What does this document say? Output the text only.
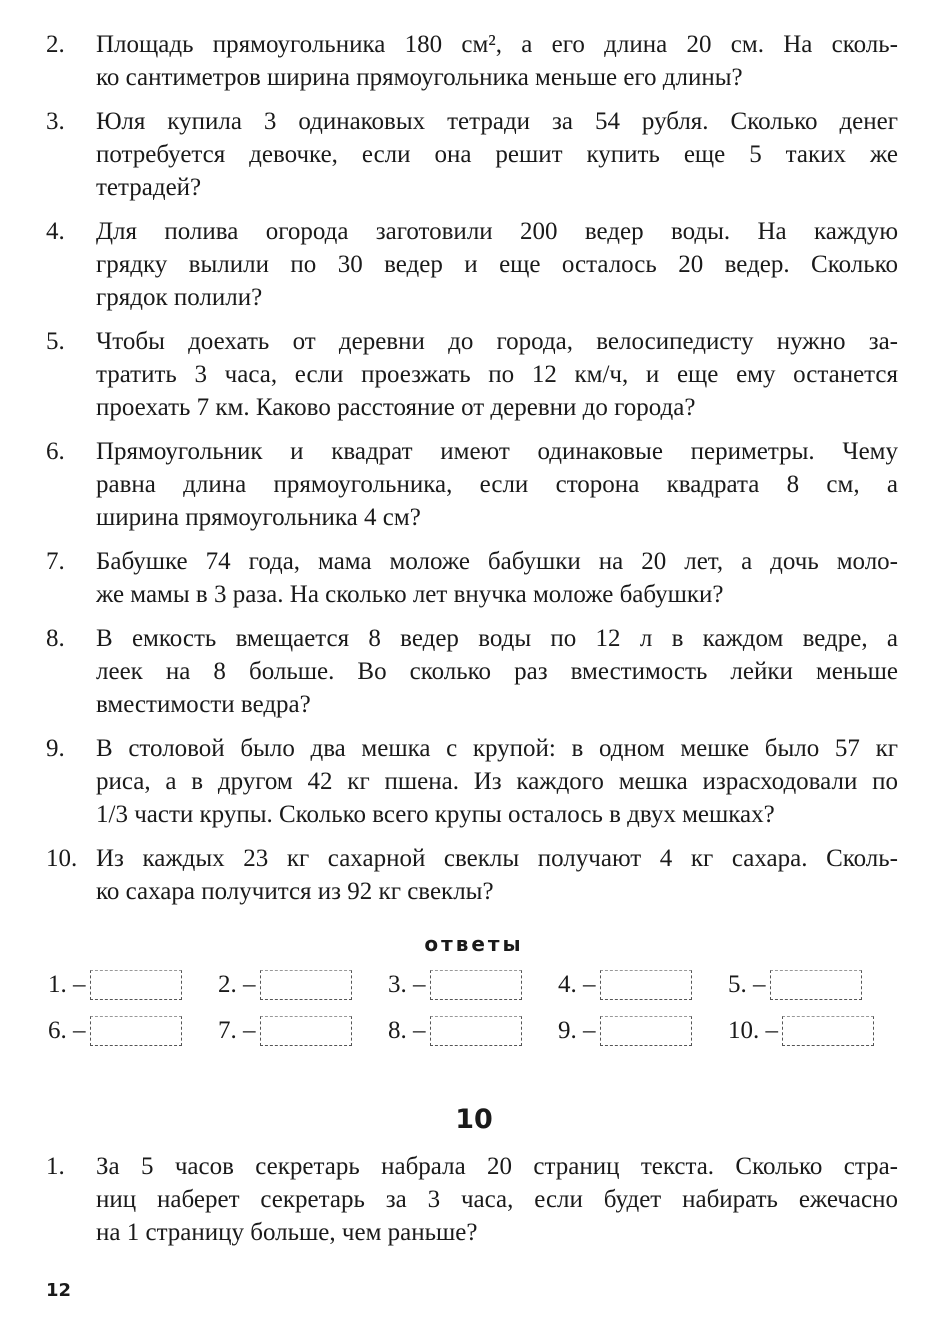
2.	Площадь прямоугольника 180 см², а его длина 20 см. На сколь-
ко сантиметров ширина прямоугольника меньше его длины?
3.	Юля купила 3 одинаковых тетради за 54 рубля. Сколько денег
потребуется девочке, если она решит купить еще 5 таких же
тетрадей?
4.	Для полива огорода заготовили 200 ведер воды. На каждую
грядку вылили по 30 ведер и еще осталось 20 ведер. Сколько
грядок полили?
5.	Чтобы доехать от деревни до города, велосипедисту нужно за-
тратить 3 часа, если проезжать по 12 км/ч, и еще ему останется
проехать 7 км. Каково расстояние от деревни до города?
6.	Прямоугольник и квадрат имеют одинаковые периметры. Чему
равна длина прямоугольника, если сторона квадрата 8 см, а
ширина прямоугольника 4 см?
7.	Бабушке 74 года, мама моложе бабушки на 20 лет, а дочь моло-
же мамы в 3 раза. На сколько лет внучка моложе бабушки?
8.	В емкость вмещается 8 ведер воды по 12 л в каждом ведре, а
леек на 8 больше. Во сколько раз вместимость лейки меньше
вместимости ведра?
9.	В столовой было два мешка с крупой: в одном мешке было 57 кг
риса, а в другом 42 кг пшена. Из каждого мешка израсходовали по
1/3 части крупы. Сколько всего крупы осталось в двух мешках?
10. Из каждых 23 кг сахарной свеклы получают 4 кг сахара. Сколь-
ко сахара получится из 92 кг свеклы?
ответы
1. –	2. –	3. –	4. –	5. –
6. –	7. –	8. –	9. –	10. –
10
1.	За 5 часов секретарь набрала 20 страниц текста. Сколько стра-
ниц наберет секретарь за 3 часа, если будет набирать ежечасно
на 1 страницу больше, чем раньше?
12
